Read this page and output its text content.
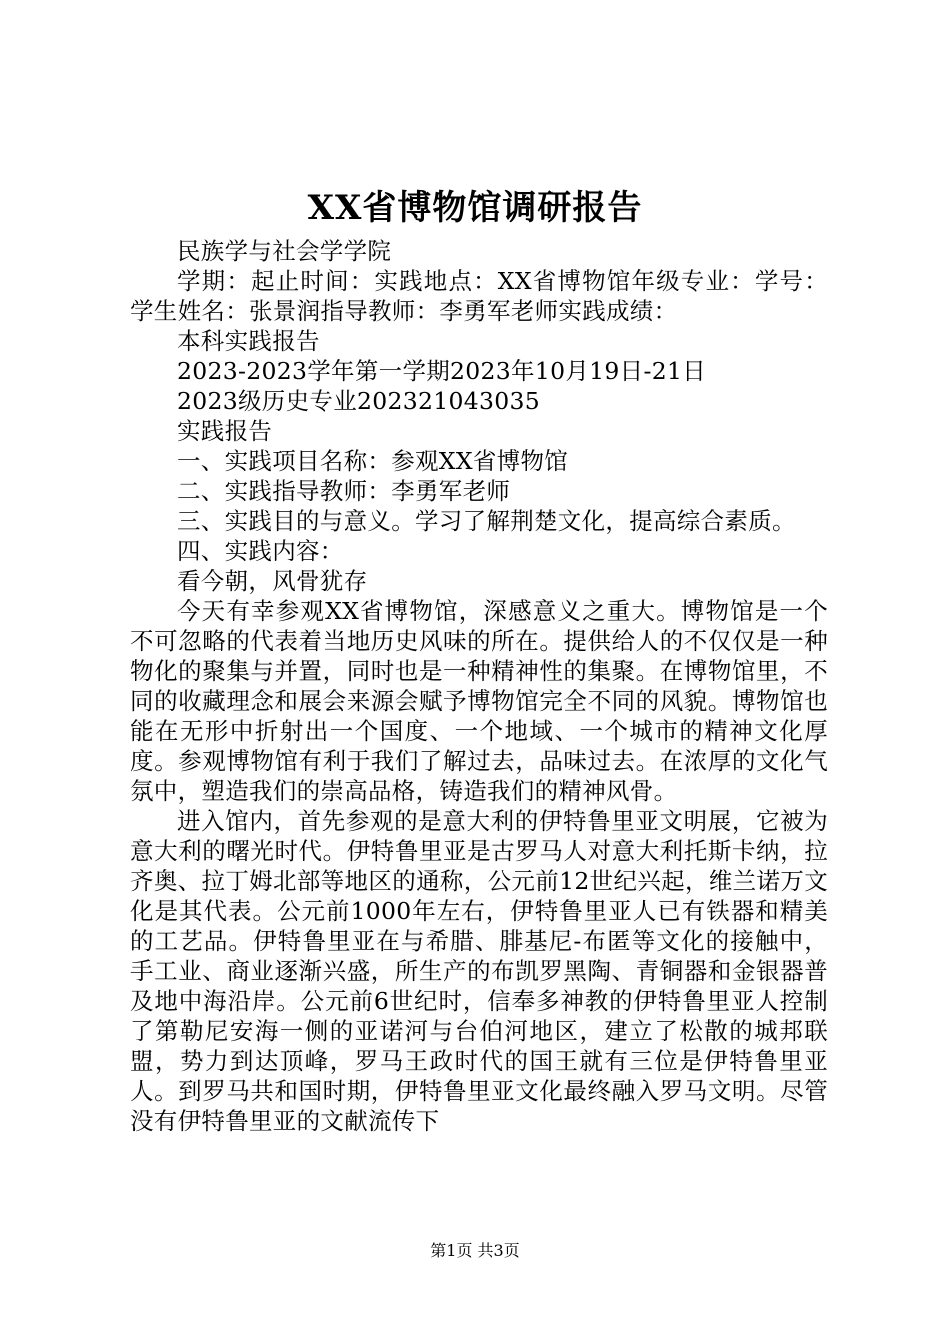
XX省博物馆调研报告

民族学与社会学学院

学期：起止时间：实践地点：XX省博物馆年级专业：学号：学生姓名：张景润指导教师：李勇军老师实践成绩：

本科实践报告

2023-2023学年第一学期2023年10月19日-21日

2023级历史专业202321043035

实践报告

一、实践项目名称：参观XX省博物馆

二、实践指导教师：李勇军老师

三、实践目的与意义。学习了解荆楚文化，提高综合素质。

四、实践内容：

看今朝，风骨犹存

今天有幸参观XX省博物馆，深感意义之重大。博物馆是一个不可忽略的代表着当地历史风味的所在。提供给人的不仅仅是一种物化的聚集与并置，同时也是一种精神性的集聚。在博物馆里，不同的收藏理念和展会来源会赋予博物馆完全不同的风貌。博物馆也能在无形中折射出一个国度、一个地域、一个城市的精神文化厚度。参观博物馆有利于我们了解过去，品味过去。在浓厚的文化气氛中，塑造我们的崇高品格，铸造我们的精神风骨。

进入馆内，首先参观的是意大利的伊特鲁里亚文明展，它被为意大利的曙光时代。伊特鲁里亚是古罗马人对意大利托斯卡纳，拉齐奥、拉丁姆北部等地区的通称，公元前12世纪兴起，维兰诺万文化是其代表。公元前1000年左右，伊特鲁里亚人已有铁器和精美的工艺品。伊特鲁里亚在与希腊、腓基尼-布匿等文化的接触中，手工业、商业逐渐兴盛，所生产的布凯罗黑陶、青铜器和金银器普及地中海沿岸。公元前6世纪时，信奉多神教的伊特鲁里亚人控制了第勒尼安海一侧的亚诺河与台伯河地区，建立了松散的城邦联盟，势力到达顶峰，罗马王政时代的国王就有三位是伊特鲁里亚人。到罗马共和国时期，伊特鲁里亚文化最终融入罗马文明。尽管没有伊特鲁里亚的文献流传下

第1页 共3页
